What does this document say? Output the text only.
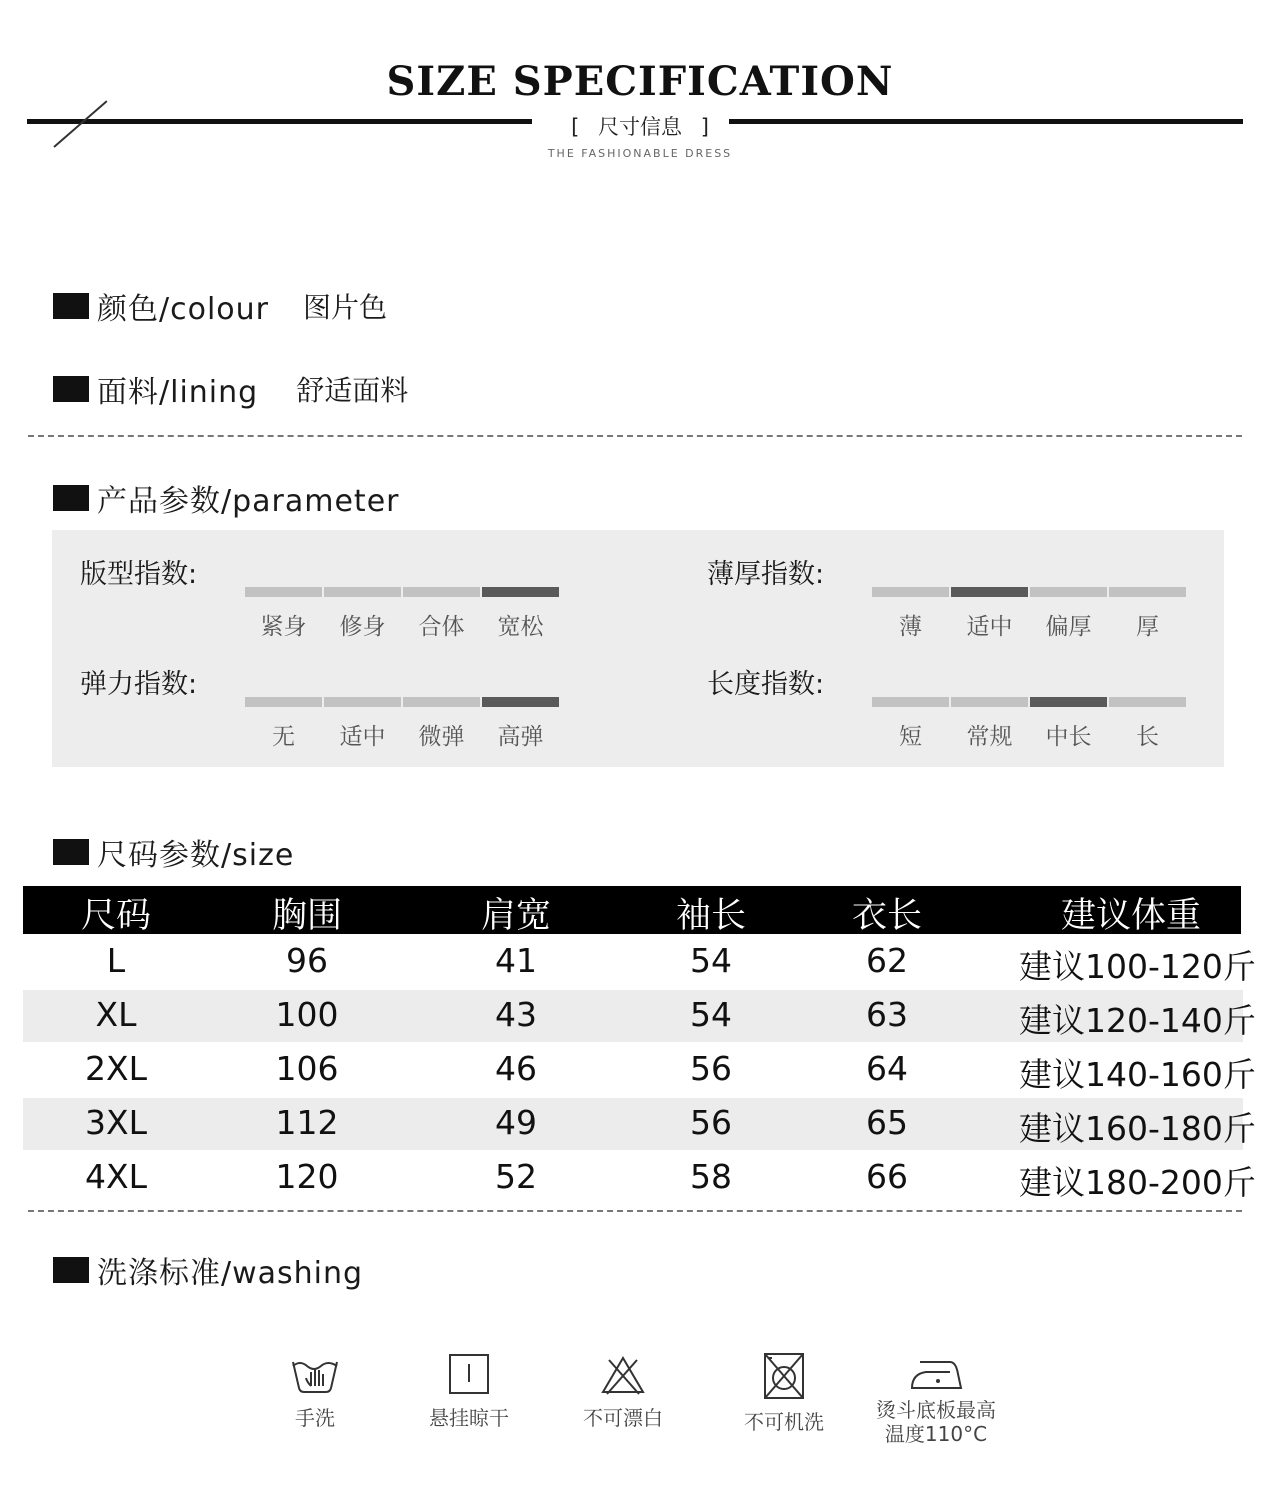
SIZE SPECIFICATION
[ 尺寸信息 ]
THE FASHIONABLE DRESS
颜色/colour 图片色
面料/lining 舒适面料
产品参数/parameter
版型指数:
紧身	修身	合体	宽松
薄厚指数:
薄	适中	偏厚	厚
弹力指数:
无	适中	微弹	高弹
长度指数:
短	常规	中长	长
尺码参数/size
尺码	胸围	肩宽	袖长	衣长	建议体重
L	96	41	54	62	建议100-120斤
XL	100	43	54	63	建议120-140斤
2XL	106	46	56	64	建议140-160斤
3XL	112	49	56	65	建议160-180斤
4XL	120	52	58	66	建议180-200斤
洗涤标准/washing
手洗	悬挂晾干	不可漂白	不可机洗	烫斗底板最高
温度110°C
